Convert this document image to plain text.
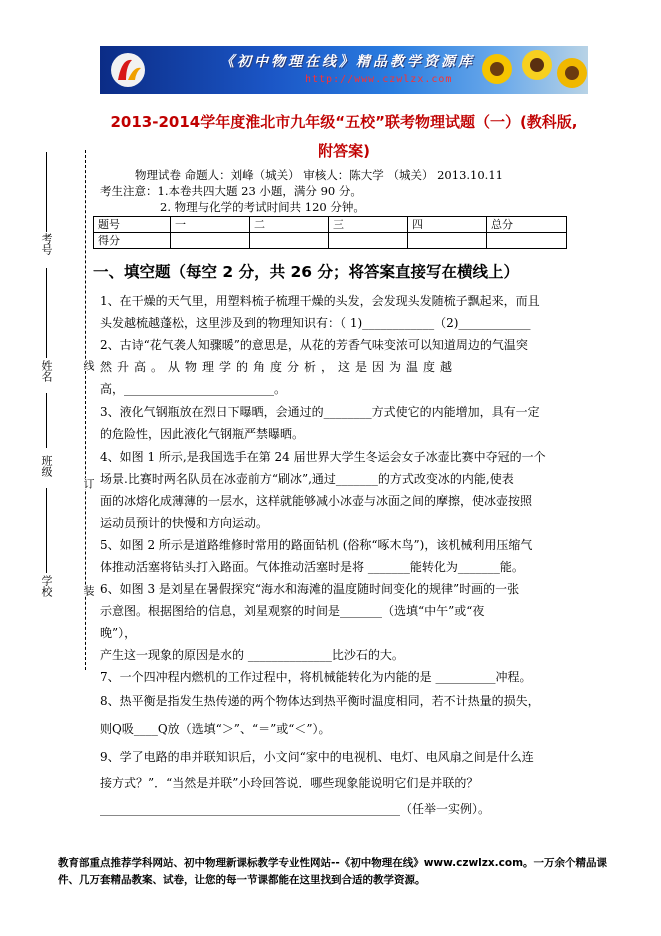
《初中物理在线》精品教学资源库
http://www.czwlzx.com
2013-2014学年度淮北市九年级“五校”联考物理试题（一）(教科版,
附答案)
物理试卷 命题人：刘峰（城关） 审核人：陈大学 （城关） 2013.10.11
考生注意：1.本卷共四大题 23 小题，满分 90 分。
2. 物理与化学的考试时间共 120 分钟。
题号	一	二	三	四	总分
得分					
考号
姓名
班级
学校
线
订
装
一、填空题（每空 2 分，共 26 分；将答案直接写在横线上）

1、在干燥的天气里，用塑料梳子梳理干燥的头发，会发现头发随梳子飘起来，而且

头发越梳越蓬松，这里涉及到的物理知识有：（ 1)____________（2)____________

2、古诗“花气袭人知骤暖”的意思是，从花的芳香气味变浓可以知道周边的气温突

然升高。从物理学的角度分析，这是因为温度越

高，_________________________。

3、液化气钢瓶放在烈日下曝晒，会通过的________方式使它的内能增加，具有一定

的危险性，因此液化气钢瓶严禁曝晒。

4、如图 1 所示,是我国选手在第 24 届世界大学生冬运会女子冰壶比赛中夺冠的一个

场景.比赛时两名队员在冰壶前方“刷冰”,通过_______的方式改变冰的内能,使表

面的冰熔化成薄薄的一层水，这样就能够减小冰壶与冰面之间的摩擦，使冰壶按照

运动员预计的快慢和方向运动。

5、如图 2 所示是道路维修时常用的路面钻机 (俗称“啄木鸟”)，该机械利用压缩气

体推动活塞将钻头打入路面。气体推动活塞时是将 _______能转化为_______能。

6、如图 3 是刘星在暑假探究“海水和海滩的温度随时间变化的规律”时画的一张

示意图。根据图给的信息，刘星观察的时间是_______（选填“中午”或“夜

晚”），

产生这一现象的原因是水的 ______________比沙石的大。

7、一个四冲程内燃机的工作过程中，将机械能转化为内能的是 __________冲程。

8、热平衡是指发生热传递的两个物体达到热平衡时温度相同，若不计热量的损失，

则Q吸____Q放（选填“＞”、“＝”或“＜”）。

9、学了电路的串并联知识后，小文问“家中的电视机、电灯、电风扇之间是什么连

接方式？”．“当然是并联”小玲回答说．哪些现象能说明它们是并联的？

__________________________________________________（任举一实例）。

教育部重点推荐学科网站、初中物理新课标教学专业性网站--《初中物理在线》www.czwlzx.com。一万余个精品课
件、几万套精品教案、试卷，让您的每一节课都能在这里找到合适的教学资源。
